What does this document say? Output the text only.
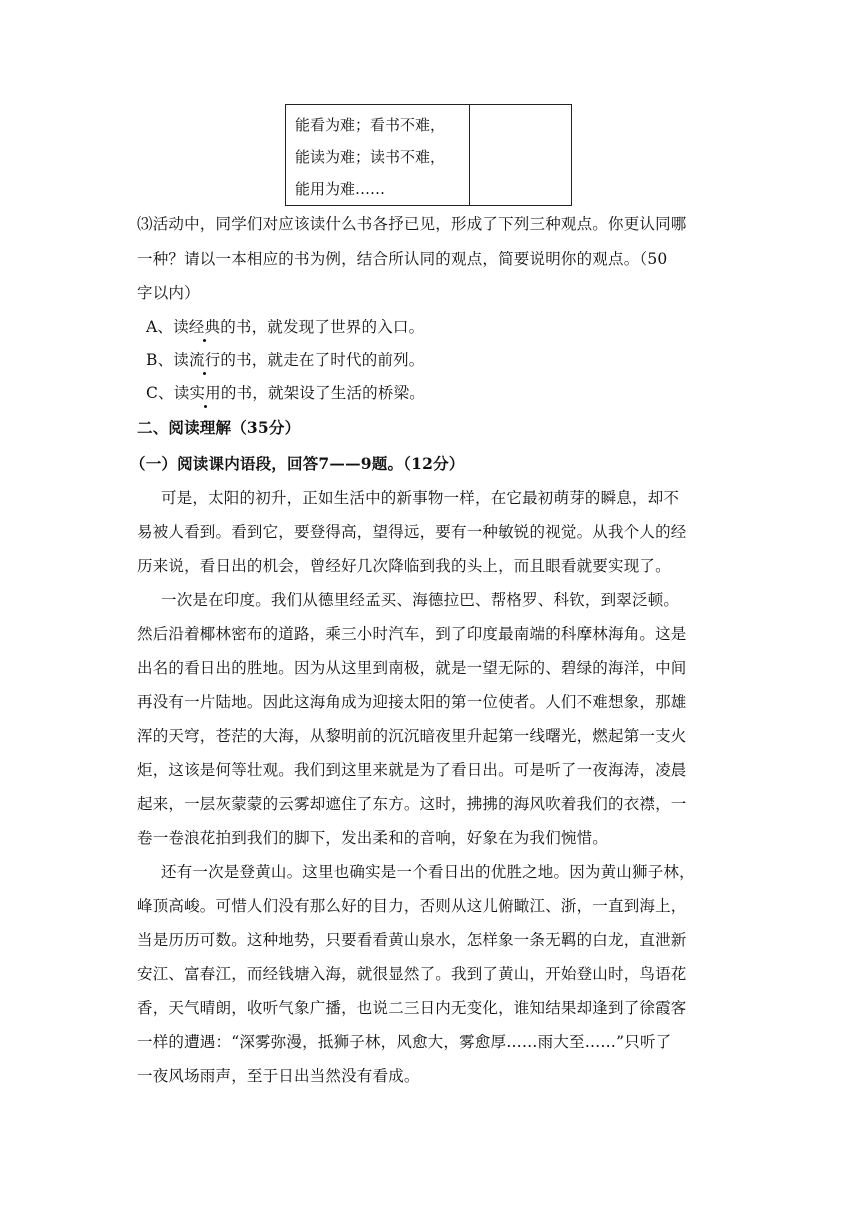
能看为难；看书不难，
能读为难；读书不难，
能用为难……
⑶活动中，同学们对应该读什么书各抒已见，形成了下列三种观点。你更认同哪
一种？请以一本相应的书为例，结合所认同的观点，简要说明你的观点。（50
字以内）
A、读经典的书，就发现了世界的入口。
B、读流行的书，就走在了时代的前列。
C、读实用的书，就架设了生活的桥梁。
二、阅读理解（35分）
（一）阅读课内语段，回答7——9题。（12分）
可是，太阳的初升，正如生活中的新事物一样，在它最初萌芽的瞬息，却不
易被人看到。看到它，要登得高，望得远，要有一种敏锐的视觉。从我个人的经
历来说，看日出的机会，曾经好几次降临到我的头上，而且眼看就要实现了。
一次是在印度。我们从德里经孟买、海德拉巴、帮格罗、科钦，到翠泛顿。
然后沿着椰林密布的道路，乘三小时汽车，到了印度最南端的科摩林海角。这是
出名的看日出的胜地。因为从这里到南极，就是一望无际的、碧绿的海洋，中间
再没有一片陆地。因此这海角成为迎接太阳的第一位使者。人们不难想象，那雄
浑的天穹，苍茫的大海，从黎明前的沉沉暗夜里升起第一线曙光，燃起第一支火
炬，这该是何等壮观。我们到这里来就是为了看日出。可是听了一夜海涛，凌晨
起来，一层灰蒙蒙的云雾却遮住了东方。这时，拂拂的海风吹着我们的衣襟，一
卷一卷浪花拍到我们的脚下，发出柔和的音响，好象在为我们惋惜。
还有一次是登黄山。这里也确实是一个看日出的优胜之地。因为黄山狮子林，
峰顶高峻。可惜人们没有那么好的目力，否则从这儿俯瞰江、浙，一直到海上，
当是历历可数。这种地势，只要看看黄山泉水，怎样象一条无羁的白龙，直泄新
安江、富春江，而经钱塘入海，就很显然了。我到了黄山，开始登山时，鸟语花
香，天气晴朗，收听气象广播，也说二三日内无变化，谁知结果却逢到了徐霞客
一样的遭遇：“深雾弥漫，抵狮子林，风愈大，雾愈厚……雨大至……”只听了
一夜风场雨声，至于日出当然没有看成。
